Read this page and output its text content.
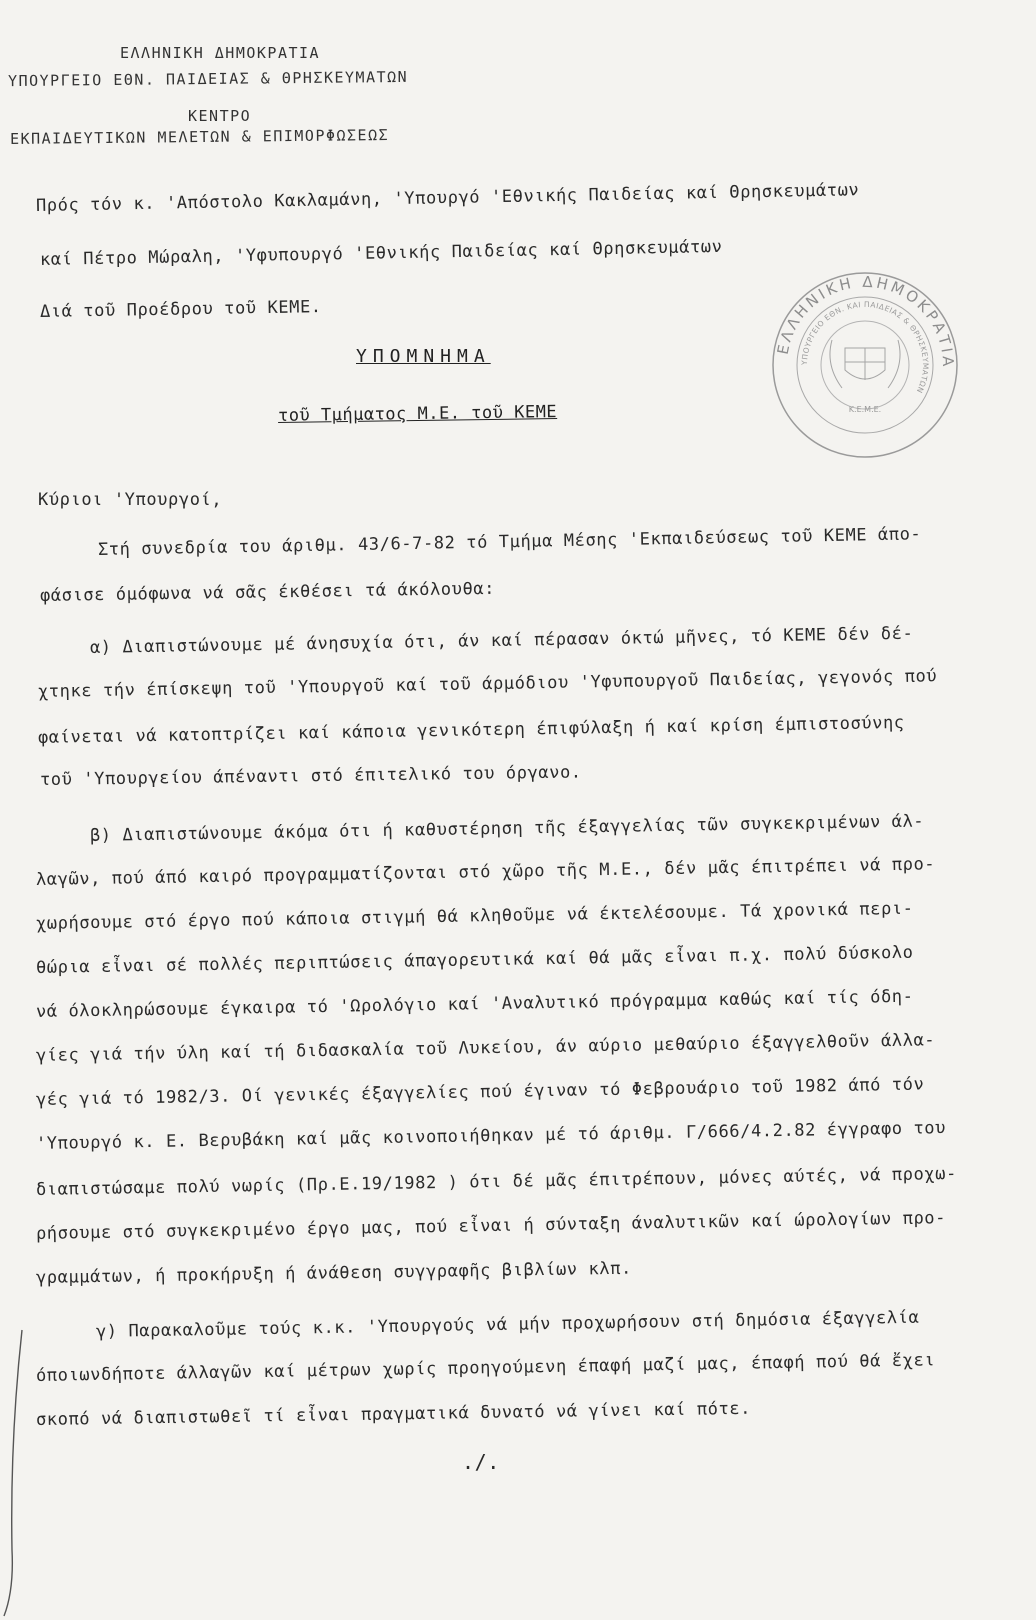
ΕΛΛΗΝΙΚΗ ΔΗΜΟΚΡΑΤΙΑ
ΥΠΟΥΡΓΕΙΟ ΕΘΝ. ΠΑΙΔΕΙΑΣ & ΘΡΗΣΚΕΥΜΑΤΩΝ
ΚΕΝΤΡΟ
ΕΚΠΑΙΔΕΥΤΙΚΩΝ ΜΕΛΕΤΩΝ & ΕΠΙΜΟΡΦΩΣΕΩΣ
Πρός τόν κ. 'Απόστολο Κακλαμάνη, 'Υπουργό 'Εθνικής Παιδείας καί Θρησκευμάτων
καί Πέτρο Μώραλη, 'Υφυπουργό 'Εθνικής Παιδείας καί Θρησκευμάτων
Διά τοῦ Προέδρου τοῦ ΚΕΜΕ.
ΥΠΟΜΝΗΜΑ
τοῦ Τμήματος Μ.Ε. τοῦ ΚΕΜΕ
ΕΛΛΗΝΙΚΗ ΔΗΜΟΚΡΑΤΙΑ
ΥΠΟΥΡΓΕΙΟ ΕΘΝ. ΚΑΙ ΠΑΙΔΕΙΑΣ & ΘΡΗΣΚΕΥΜΑΤΩΝ
Κ.Ε.Μ.Ε.
Κύριοι 'Υπουργοί,
Στή συνεδρία του άριθμ. 43/6-7-82 τό Τμήμα Μέσης 'Εκπαιδεύσεως τοῦ ΚΕΜΕ άπο-
φάσισε όμόφωνα νά σᾶς έκθέσει τά άκόλουθα:
α) Διαπιστώνουμε μέ άνησυχία ότι, άν καί πέρασαν όκτώ μῆνες, τό ΚΕΜΕ δέν δέ-
χτηκε τήν έπίσκεψη τοῦ 'Υπουργοῦ καί τοῦ άρμόδιου 'Υφυπουργοῦ Παιδείας, γεγονός πού
φαίνεται νά κατοπτρίζει καί κάποια γενικότερη έπιφύλαξη ή καί κρίση έμπιστοσύνης
τοῦ 'Υπουργείου άπέναντι στό έπιτελικό του όργανο.
β) Διαπιστώνουμε άκόμα ότι ή καθυστέρηση τῆς έξαγγελίας τῶν συγκεκριμένων άλ-
λαγῶν, πού άπό καιρό προγραμματίζονται στό χῶρο τῆς Μ.Ε., δέν μᾶς έπιτρέπει νά προ-
χωρήσουμε στό έργο πού κάποια στιγμή θά κληθοῦμε νά έκτελέσουμε. Τά χρονικά περι-
θώρια εἶναι σέ πολλές περιπτώσεις άπαγορευτικά καί θά μᾶς εἶναι π.χ. πολύ δύσκολο
νά όλοκληρώσουμε έγκαιρα τό 'Ωρολόγιο καί 'Αναλυτικό πρόγραμμα καθώς καί τίς όδη-
γίες γιά τήν ύλη καί τή διδασκαλία τοῦ Λυκείου, άν αύριο μεθαύριο έξαγγελθοῦν άλλα-
γές γιά τό 1982/3. Οί γενικές έξαγγελίες πού έγιναν τό Φεβρουάριο τοῦ 1982 άπό τόν
'Υπουργό κ. Ε. Βερυβάκη καί μᾶς κοινοποιήθηκαν μέ τό άριθμ. Γ/666/4.2.82 έγγραφο του
διαπιστώσαμε πολύ νωρίς (Πρ.Ε.19/1982 ) ότι δέ μᾶς έπιτρέπουν, μόνες αύτές, νά προχω-
ρήσουμε στό συγκεκριμένο έργο μας, πού εἶναι ή σύνταξη άναλυτικῶν καί ώρολογίων προ-
γραμμάτων, ή προκήρυξη ή άνάθεση συγγραφῆς βιβλίων κλπ.
γ) Παρακαλοῦμε τούς κ.κ. 'Υπουργούς νά μήν προχωρήσουν στή δημόσια έξαγγελία
όποιωνδήποτε άλλαγῶν καί μέτρων χωρίς προηγούμενη έπαφή μαζί μας, έπαφή πού θά ἔχει
σκοπό νά διαπιστωθεῖ τί εἶναι πραγματικά δυνατό νά γίνει καί πότε.
./.
